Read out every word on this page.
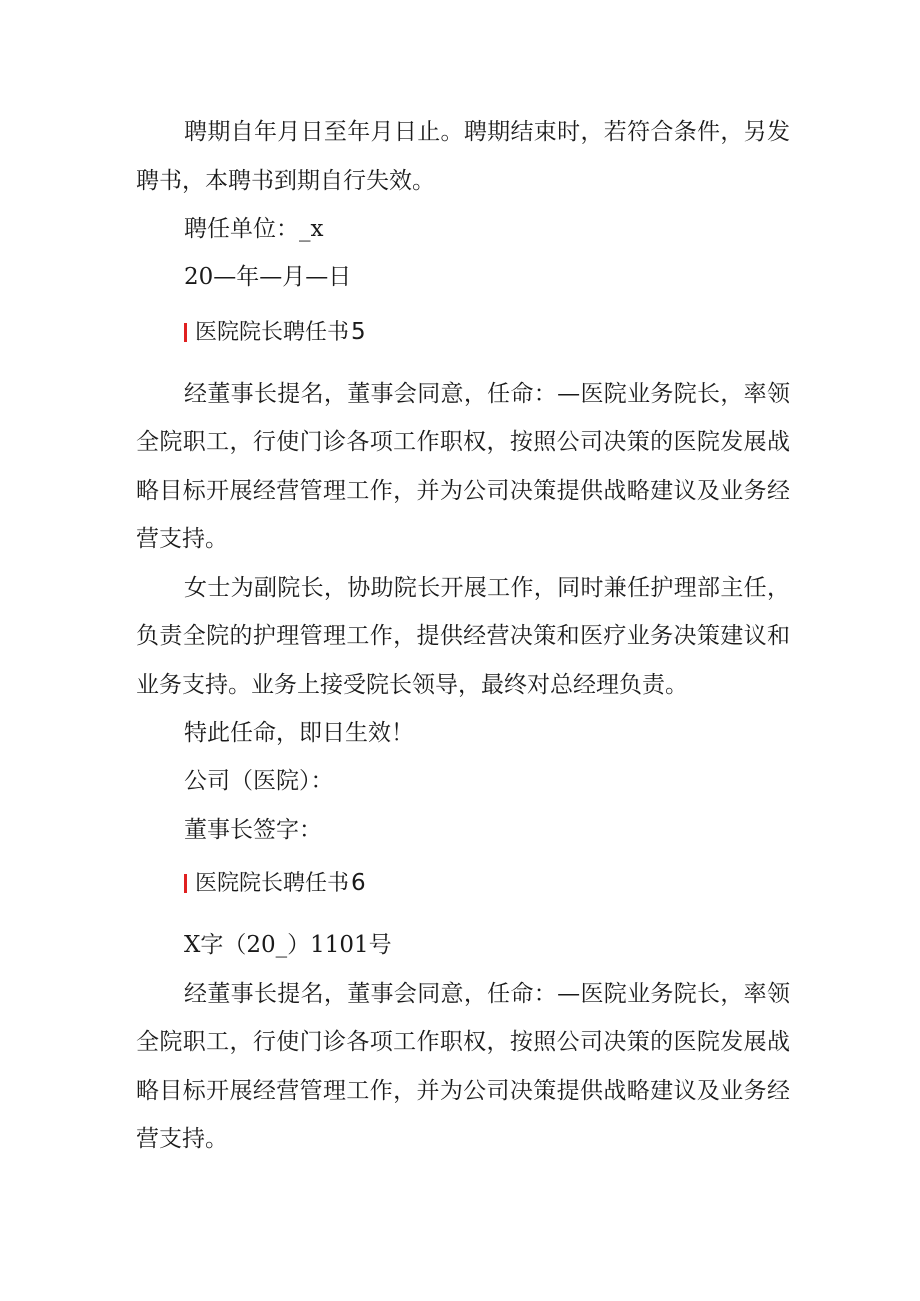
聘期自年月日至年月日止。聘期结束时，若符合条件，另发
聘书，本聘书到期自行失效。
聘任单位：_x
20—年—月—日
医院院长聘任书5
经董事长提名，董事会同意，任命：—医院业务院长，率领
全院职工，行使门诊各项工作职权，按照公司决策的医院发展战
略目标开展经营管理工作，并为公司决策提供战略建议及业务经
营支持。
女士为副院长，协助院长开展工作，同时兼任护理部主任，
负责全院的护理管理工作，提供经营决策和医疗业务决策建议和
业务支持。业务上接受院长领导，最终对总经理负责。
特此任命，即日生效！
公司（医院）：
董事长签字：
医院院长聘任书6
X字（20_）1101号
经董事长提名，董事会同意，任命：—医院业务院长，率领
全院职工，行使门诊各项工作职权，按照公司决策的医院发展战
略目标开展经营管理工作，并为公司决策提供战略建议及业务经
营支持。
